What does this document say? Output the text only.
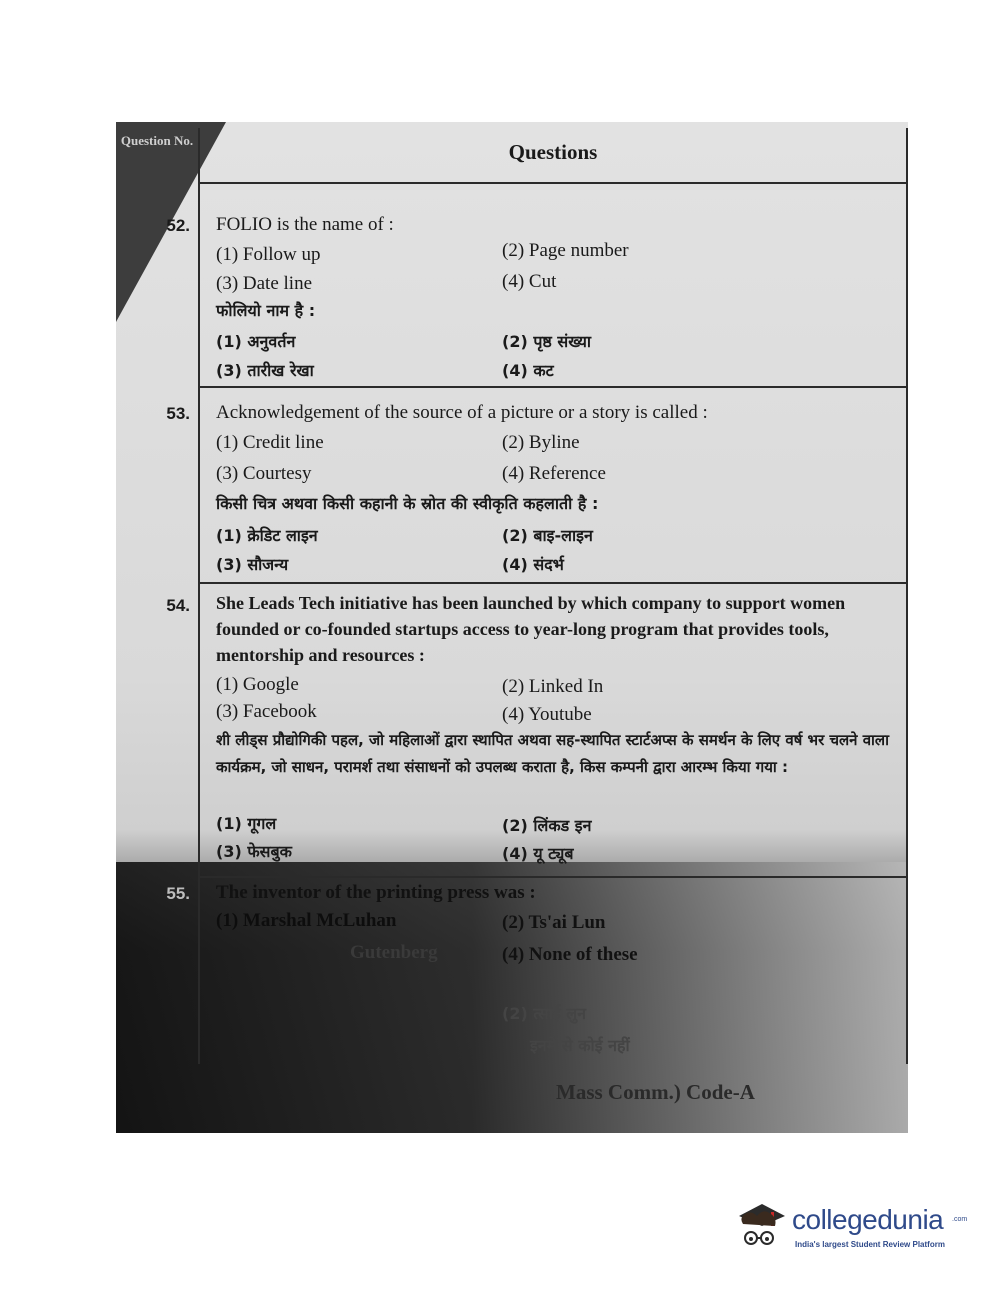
Question No.	Questions
52. FOLIO is the name of :
(1) Follow up	(2) Page number
(3) Date line	(4) Cut
फोलियो नाम है :
(1) अनुवर्तन	(2) पृष्ठ संख्या
(3) तारीख रेखा	(4) कट
53. Acknowledgement of the source of a picture or a story is called :
(1) Credit line	(2) Byline
(3) Courtesy	(4) Reference
किसी चित्र अथवा किसी कहानी के स्रोत की स्वीकृति कहलाती है :
(1) क्रेडिट लाइन	(2) बाइ-लाइन
(3) सौजन्य	(4) संदर्भ
54. She Leads Tech initiative has been launched by which company to support women founded or co-founded startups access to year-long program that provides tools, mentorship and resources :
(1) Google	(2) Linked In
(3) Facebook	(4) Youtube
शी लीड्स प्रौद्योगिकी पहल, जो महिलाओं द्वारा स्थापित अथवा सह-स्थापित स्टार्टअप्स के समर्थन के लिए वर्ष भर चलने वाला कार्यक्रम, जो साधन, परामर्श तथा संसाधनों को उपलब्ध कराता है, किस कम्पनी द्वारा आरम्भ किया गया :
(1) गूगल	(2) लिंकड इन
(3) फेसबुक	(4) यू ट्यूब
55. The inventor of the printing press was :
(1) Marshal McLuhan	(2) Ts'ai Lun
Gutenberg	(4) None of these
(2) त्साई लुन
इनमें से कोई नहीं
Mass Comm.) Code-A
collegedunia .com
India's largest Student Review Platform
